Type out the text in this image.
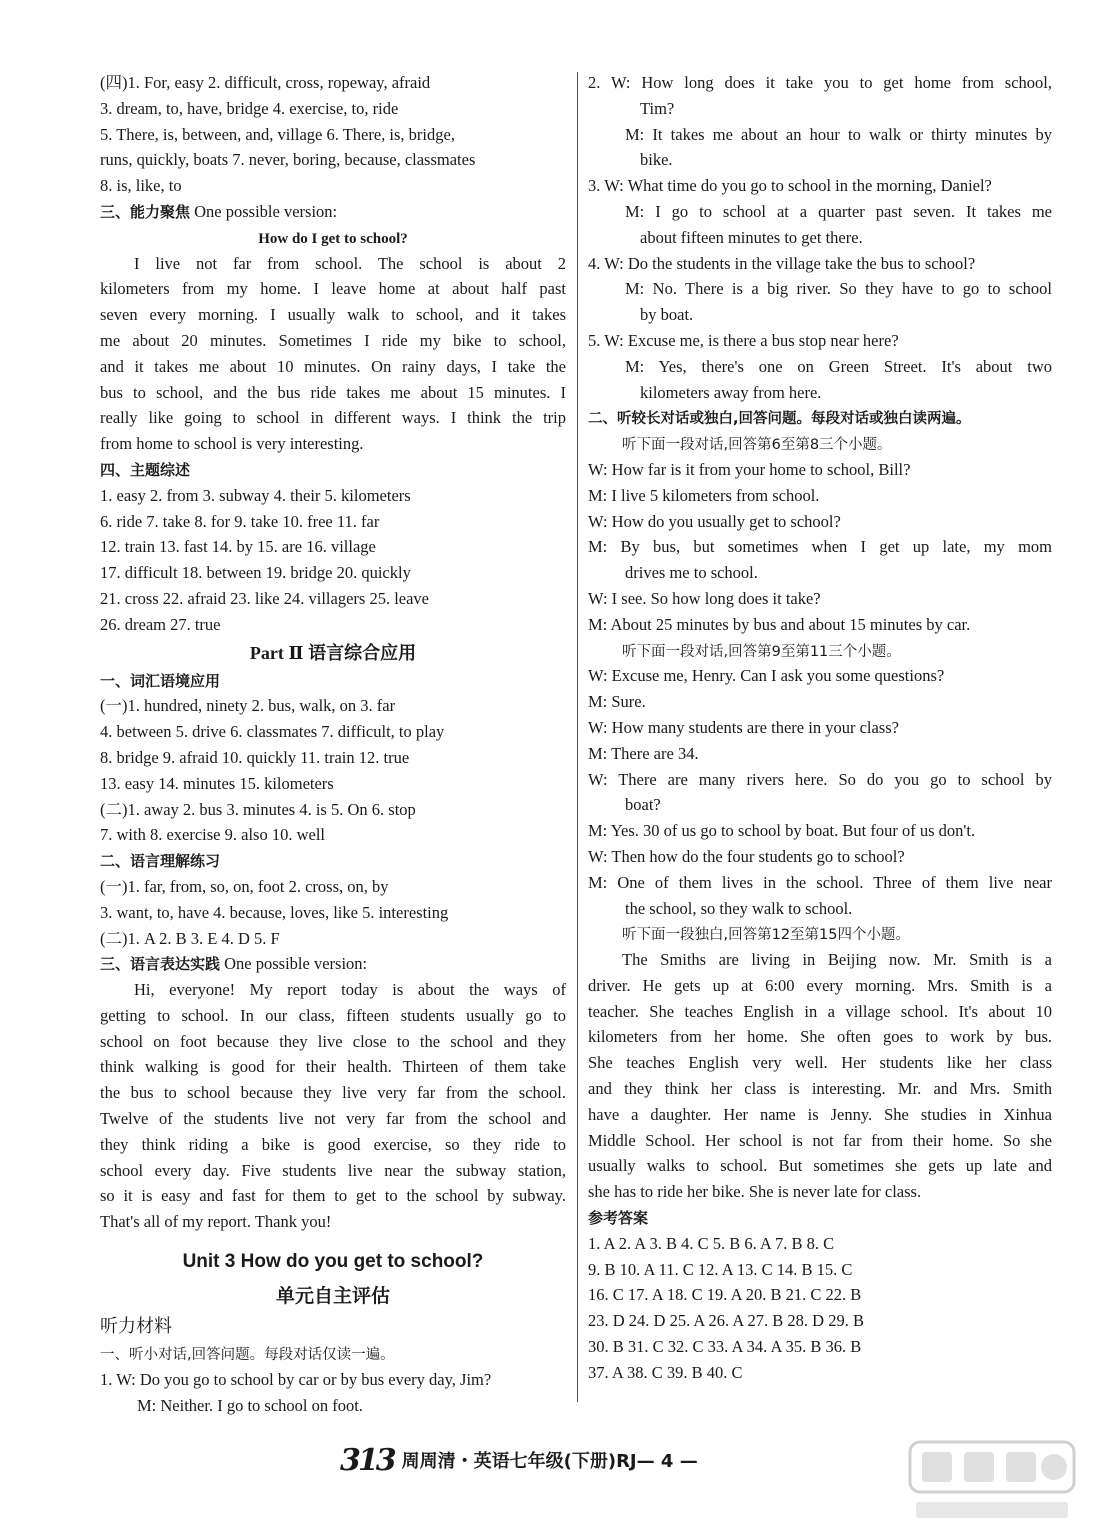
(四)1. For, easy 2. difficult, cross, ropeway, afraid
3. dream, to, have, bridge 4. exercise, to, ride
5. There, is, between, and, village 6. There, is, bridge,
runs, quickly, boats 7. never, boring, because, classmates
8. is, like, to
三、能力聚焦 One possible version:
How do I get to school?
I live not far from school. The school is about 2
kilometers from my home. I leave home at about half past
seven every morning. I usually walk to school, and it takes
me about 20 minutes. Sometimes I ride my bike to school,
and it takes me about 10 minutes. On rainy days, I take the
bus to school, and the bus ride takes me about 15 minutes. I
really like going to school in different ways. I think the trip
from home to school is very interesting.
四、主题综述
1. easy 2. from 3. subway 4. their 5. kilometers
6. ride 7. take 8. for 9. take 10. free 11. far
12. train 13. fast 14. by 15. are 16. village
17. difficult 18. between 19. bridge 20. quickly
21. cross 22. afraid 23. like 24. villagers 25. leave
26. dream 27. true
Part Ⅱ 语言综合应用
一、词汇语境应用
(一)1. hundred, ninety 2. bus, walk, on 3. far
4. between 5. drive 6. classmates 7. difficult, to play
8. bridge 9. afraid 10. quickly 11. train 12. true
13. easy 14. minutes 15. kilometers
(二)1. away 2. bus 3. minutes 4. is 5. On 6. stop
7. with 8. exercise 9. also 10. well
二、语言理解练习
(一)1. far, from, so, on, foot 2. cross, on, by
3. want, to, have 4. because, loves, like 5. interesting
(二)1. A 2. B 3. E 4. D 5. F
三、语言表达实践 One possible version:
Hi, everyone! My report today is about the ways of
getting to school. In our class, fifteen students usually go to
school on foot because they live close to the school and they
think walking is good for their health. Thirteen of them take
the bus to school because they live very far from the school.
Twelve of the students live not very far from the school and
they think riding a bike is good exercise, so they ride to
school every day. Five students live near the subway station,
so it is easy and fast for them to get to the school by subway.
That's all of my report. Thank you!
Unit 3 How do you get to school?
单元自主评估
听力材料
一、听小对话,回答问题。每段对话仅读一遍。
1. W: Do you go to school by car or by bus every day, Jim?
M: Neither. I go to school on foot.
2. W: How long does it take you to get home from school,
Tim?
M: It takes me about an hour to walk or thirty minutes by
bike.
3. W: What time do you go to school in the morning, Daniel?
M: I go to school at a quarter past seven. It takes me
about fifteen minutes to get there.
4. W: Do the students in the village take the bus to school?
M: No. There is a big river. So they have to go to school
by boat.
5. W: Excuse me, is there a bus stop near here?
M: Yes, there's one on Green Street. It's about two
kilometers away from here.
二、听较长对话或独白,回答问题。每段对话或独白读两遍。
听下面一段对话,回答第6至第8三个小题。
W: How far is it from your home to school, Bill?
M: I live 5 kilometers from school.
W: How do you usually get to school?
M: By bus, but sometimes when I get up late, my mom
drives me to school.
W: I see. So how long does it take?
M: About 25 minutes by bus and about 15 minutes by car.
听下面一段对话,回答第9至第11三个小题。
W: Excuse me, Henry. Can I ask you some questions?
M: Sure.
W: How many students are there in your class?
M: There are 34.
W: There are many rivers here. So do you go to school by
boat?
M: Yes. 30 of us go to school by boat. But four of us don't.
W: Then how do the four students go to school?
M: One of them lives in the school. Three of them live near
the school, so they walk to school.
听下面一段独白,回答第12至第15四个小题。
The Smiths are living in Beijing now. Mr. Smith is a
driver. He gets up at 6:00 every morning. Mrs. Smith is a
teacher. She teaches English in a village school. It's about 10
kilometers from her home. She often goes to work by bus.
She teaches English very well. Her students like her class
and they think her class is interesting. Mr. and Mrs. Smith
have a daughter. Her name is Jenny. She studies in Xinhua
Middle School. Her school is not far from their home. So she
usually walks to school. But sometimes she gets up late and
she has to ride her bike. She is never late for class.
参考答案
1. A 2. A 3. B 4. C 5. B 6. A 7. B 8. C
9. B 10. A 11. C 12. A 13. C 14. B 15. C
16. C 17. A 18. C 19. A 20. B 21. C 22. B
23. D 24. D 25. A 26. A 27. B 28. D 29. B
30. B 31. C 32. C 33. A 34. A 35. B 36. B
37. A 38. C 39. B 40. C
313 周周清・英语七年级(下册)RJ— 4 —
